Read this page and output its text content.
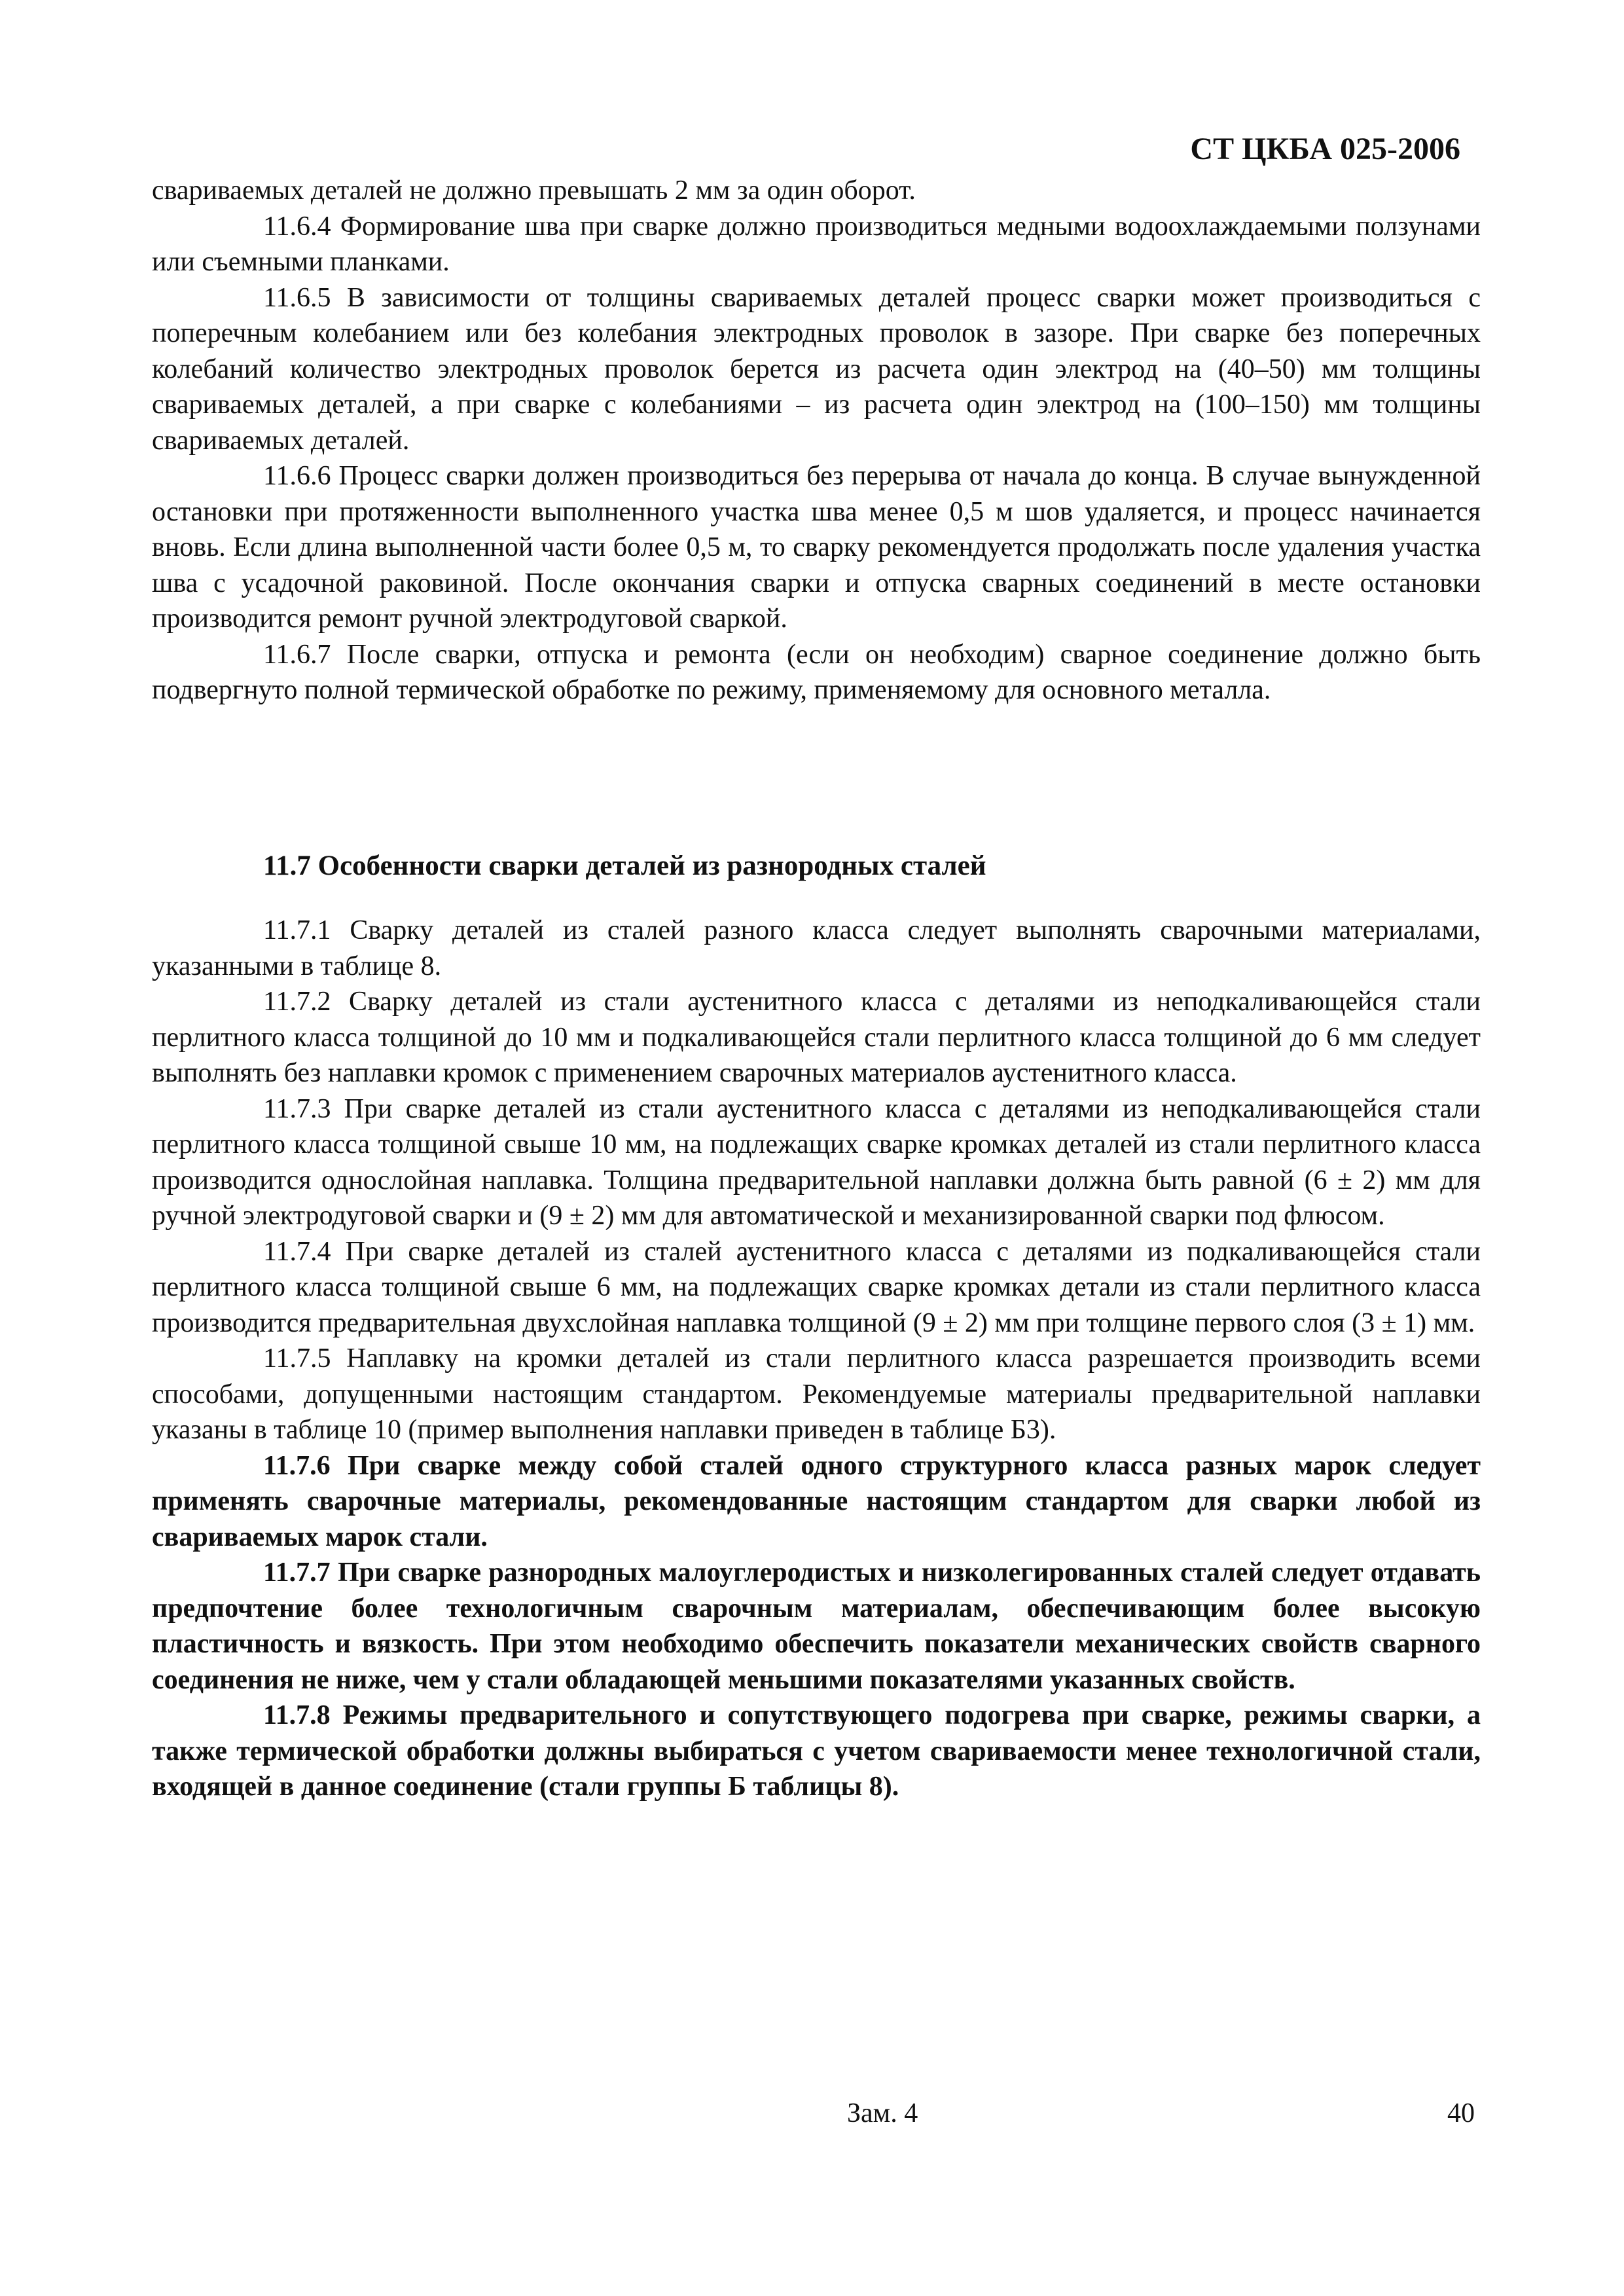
СТ ЦКБА 025-2006

свариваемых деталей не должно превышать 2 мм за один оборот.

11.6.4 Формирование шва при сварке должно производиться медными водоохлаждаемыми ползунами или съемными планками.

11.6.5 В зависимости от толщины свариваемых деталей процесс сварки может производиться с поперечным колебанием или без колебания электродных проволок в зазоре. При сварке без поперечных колебаний количество электродных проволок берется из расчета один электрод на (40–50) мм толщины свариваемых деталей, а при сварке с колебаниями – из расчета один электрод на (100–150) мм толщины свариваемых деталей.

11.6.6 Процесс сварки должен производиться без перерыва от начала до конца. В случае вынужденной остановки при протяженности выполненного участка шва менее 0,5 м шов удаляется, и процесс начинается вновь. Если длина выполненной части более 0,5 м, то сварку рекомендуется продолжать после удаления участка шва с усадочной раковиной. После окончания сварки и отпуска сварных соединений в месте остановки производится ремонт ручной электродуговой сваркой.

11.6.7 После сварки, отпуска и ремонта (если он необходим) сварное соединение должно быть подвергнуто полной термической обработке по режиму, применяемому для основного металла.

11.7 Особенности сварки деталей из разнородных сталей

11.7.1 Сварку деталей из сталей разного класса следует выполнять сварочными материалами, указанными в таблице 8.

11.7.2 Сварку деталей из стали аустенитного класса с деталями из неподкаливающейся стали перлитного класса толщиной до 10 мм и подкаливающейся стали перлитного класса толщиной до 6 мм следует выполнять без наплавки кромок с применением сварочных материалов аустенитного класса.

11.7.3 При сварке деталей из стали аустенитного класса с деталями из неподкаливающейся стали перлитного класса толщиной свыше 10 мм, на подлежащих сварке кромках деталей из стали перлитного класса производится однослойная наплавка. Толщина предварительной наплавки должна быть равной (6 ± 2) мм для ручной электродуговой сварки и (9 ± 2) мм для автоматической и механизированной сварки под флюсом.

11.7.4 При сварке деталей из сталей аустенитного класса с деталями из подкаливающейся стали перлитного класса толщиной свыше 6 мм, на подлежащих сварке кромках детали из стали перлитного класса производится предварительная двухслойная наплавка толщиной (9 ± 2) мм при толщине первого слоя (3 ± 1) мм.

11.7.5 Наплавку на кромки деталей из стали перлитного класса разрешается производить всеми способами, допущенными настоящим стандартом. Рекомендуемые материалы предварительной наплавки указаны в таблице 10 (пример выполнения наплавки приведен в таблице Б3).

11.7.6 При сварке между собой сталей одного структурного класса разных марок следует применять сварочные материалы, рекомендованные настоящим стандартом для сварки любой из свариваемых марок стали.

11.7.7 При сварке разнородных малоуглеродистых и низколегированных сталей следует отдавать предпочтение более технологичным сварочным материалам, обеспечивающим более высокую пластичность и вязкость. При этом необходимо обеспечить показатели механических свойств сварного соединения не ниже, чем у стали обладающей меньшими показателями указанных свойств.

11.7.8 Режимы предварительного и сопутствующего подогрева при сварке, режимы сварки, а также термической обработки должны выбираться с учетом свариваемости менее технологичной стали, входящей в данное соединение (стали группы Б таблицы 8).

Зам. 4	40
